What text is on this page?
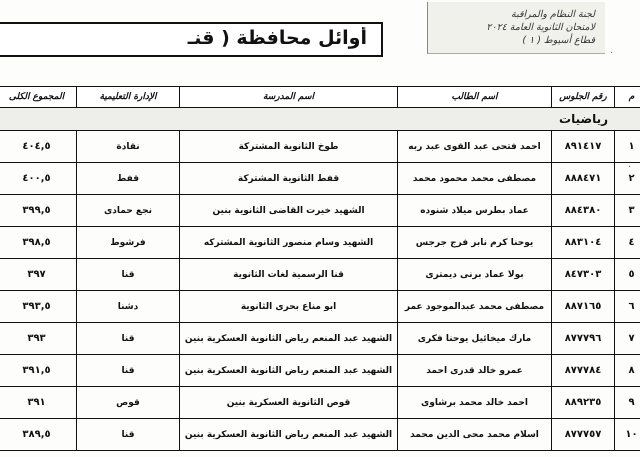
لجنة النظام والمراقبة
لامتحان الثانوية العامة ٢٠٢٤
قطاع أسيوط ( ١ )
أوائل محافظة ( قنـ
·
·
م	رقم الجلوس	اسم الطالب	اسم المدرسة	الإدارة التعليمية	المجموع الكلى
رياضيات					
١	٨٩١٤١٧	احمد فتحى عبد القوى عبد ربه	طوخ الثانوية المشتركة	نقادة	٤٠٤,٥
٢	٨٨٨٤٧١	مصطفى محمد محمود محمد	قفط الثانوية المشتركة	قفط	٤٠٠,٥
٣	٨٨٤٣٨٠	عماد بطرس ميلاد شنوده	الشهيد خيرت القاضى الثانوية بنين	نجع حمادى	٣٩٩,٥
٤	٨٨٣١٠٤	يوحنا كرم نابر فرج جرجس	الشهيد وسام منصور الثانوية المشتركه	فرشوط	٣٩٨,٥
٥	٨٤٧٣٠٣	بولا عماد برنى ديمترى	قنا الرسمية لغات الثانوية	قنا	٣٩٧
٦	٨٨٧١٦٥	مصطفى محمد عبدالموجود عمر	ابو مناع بحرى الثانوية	دشنا	٣٩٣,٥
٧	٨٧٧٧٩٦	مارك ميخائيل يوحنا فكرى	الشهيد عبد المنعم رياض الثانوية العسكرية بنين	قنا	٣٩٣
٨	٨٧٧٧٨٤	عمرو خالد قدرى احمد	الشهيد عبد المنعم رياض الثانوية العسكرية بنين	قنا	٣٩١,٥
٩	٨٨٩٢٣٥	احمد خالد محمد برشاوى	قوص الثانوية العسكرية بنين	قوص	٣٩١
١٠	٨٧٧٧٥٧	اسلام محمد محى الدين محمد	الشهيد عبد المنعم رياض الثانوية العسكرية بنين	قنا	٣٨٩,٥
